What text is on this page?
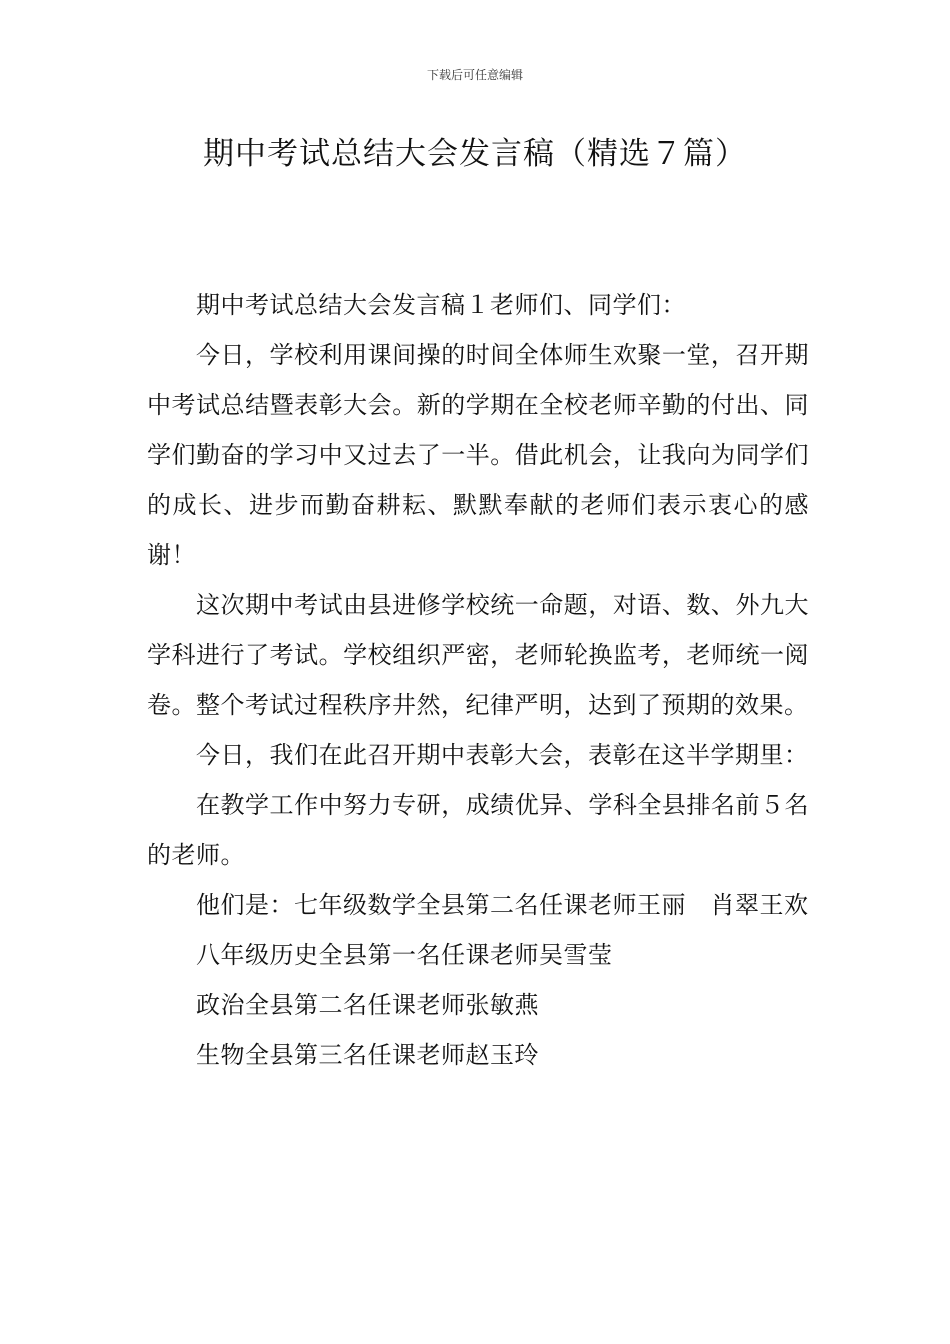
下载后可任意编辑
期中考试总结大会发言稿（精选７篇）

期中考试总结大会发言稿１老师们、同学们：

今日，学校利用课间操的时间全体师生欢聚一堂，召开期中考试总结暨表彰大会。新的学期在全校老师辛勤的付出、同学们勤奋的学习中又过去了一半。借此机会，让我向为同学们的成长、进步而勤奋耕耘、默默奉献的老师们表示衷心的感谢！

这次期中考试由县进修学校统一命题，对语、数、外九大学科进行了考试。学校组织严密，老师轮换监考，老师统一阅卷。整个考试过程秩序井然，纪律严明，达到了预期的效果。

今日，我们在此召开期中表彰大会，表彰在这半学期里：

在教学工作中努力专研，成绩优异、学科全县排名前５名的老师。

他们是：七年级数学全县第二名任课老师王丽　肖翠王欢

八年级历史全县第一名任课老师吴雪莹

政治全县第二名任课老师张敏燕

生物全县第三名任课老师赵玉玲
